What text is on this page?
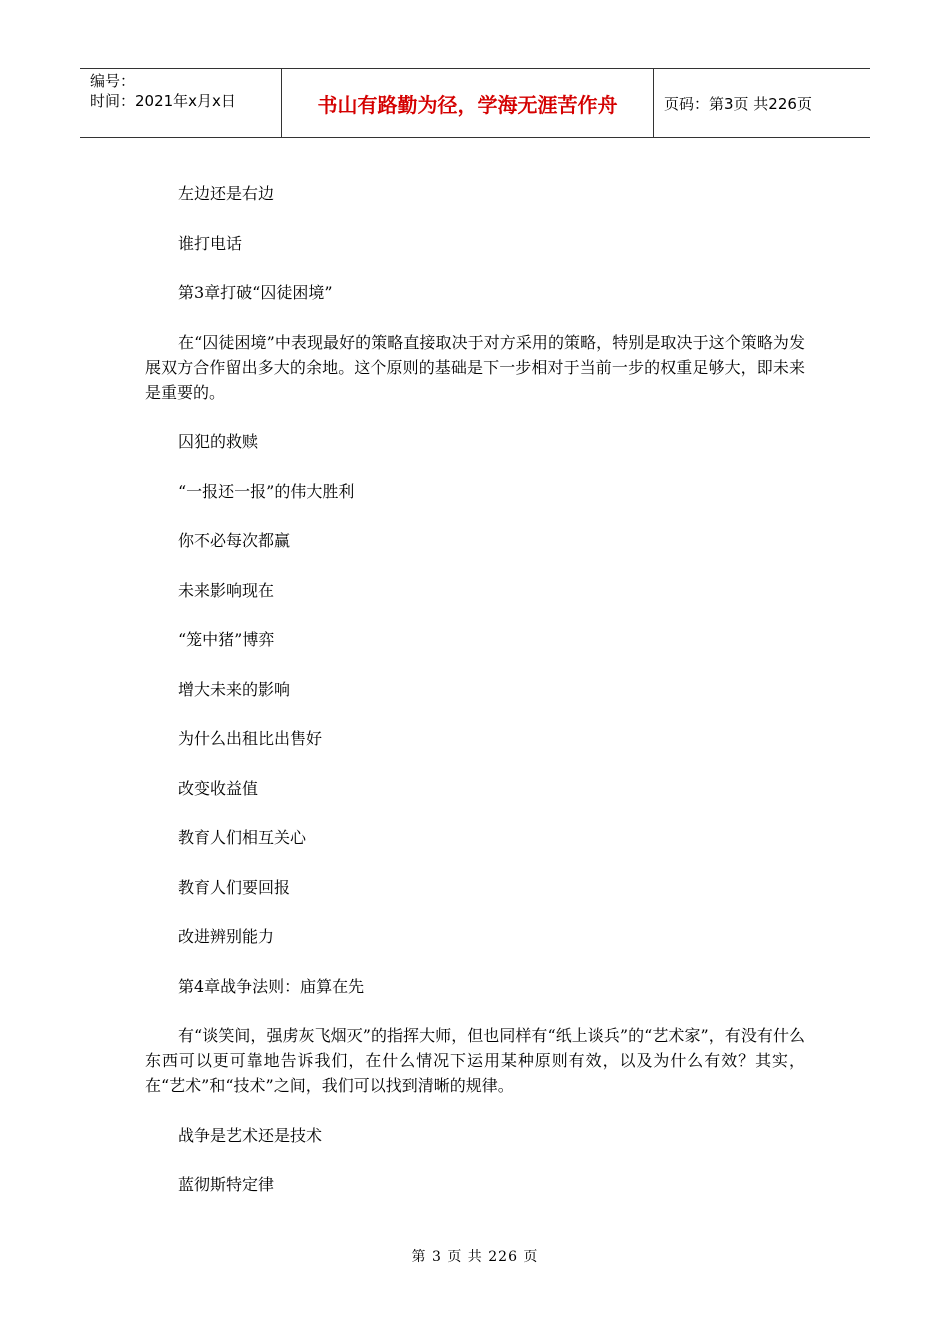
编号：
时间：2021年x月x日	书山有路勤为径，学海无涯苦作舟	页码：第3页 共226页
左边还是右边
谁打电话
第3章打破“囚徒困境”
在“囚徒困境”中表现最好的策略直接取决于对方采用的策略，特别是取决于这个策略为发展双方合作留出多大的余地。这个原则的基础是下一步相对于当前一步的权重足够大，即未来是重要的。
囚犯的救赎
“一报还一报”的伟大胜利
你不必每次都赢
未来影响现在
“笼中猪”博弈
增大未来的影响
为什么出租比出售好
改变收益值
教育人们相互关心
教育人们要回报
改进辨别能力
第4章战争法则：庙算在先
有“谈笑间，强虏灰飞烟灭”的指挥大师，但也同样有“纸上谈兵”的“艺术家”，有没有什么东西可以更可靠地告诉我们，在什么情况下运用某种原则有效，以及为什么有效？其实，在“艺术”和“技术”之间，我们可以找到清晰的规律。
战争是艺术还是技术
蓝彻斯特定律
第 3 页 共 226 页
